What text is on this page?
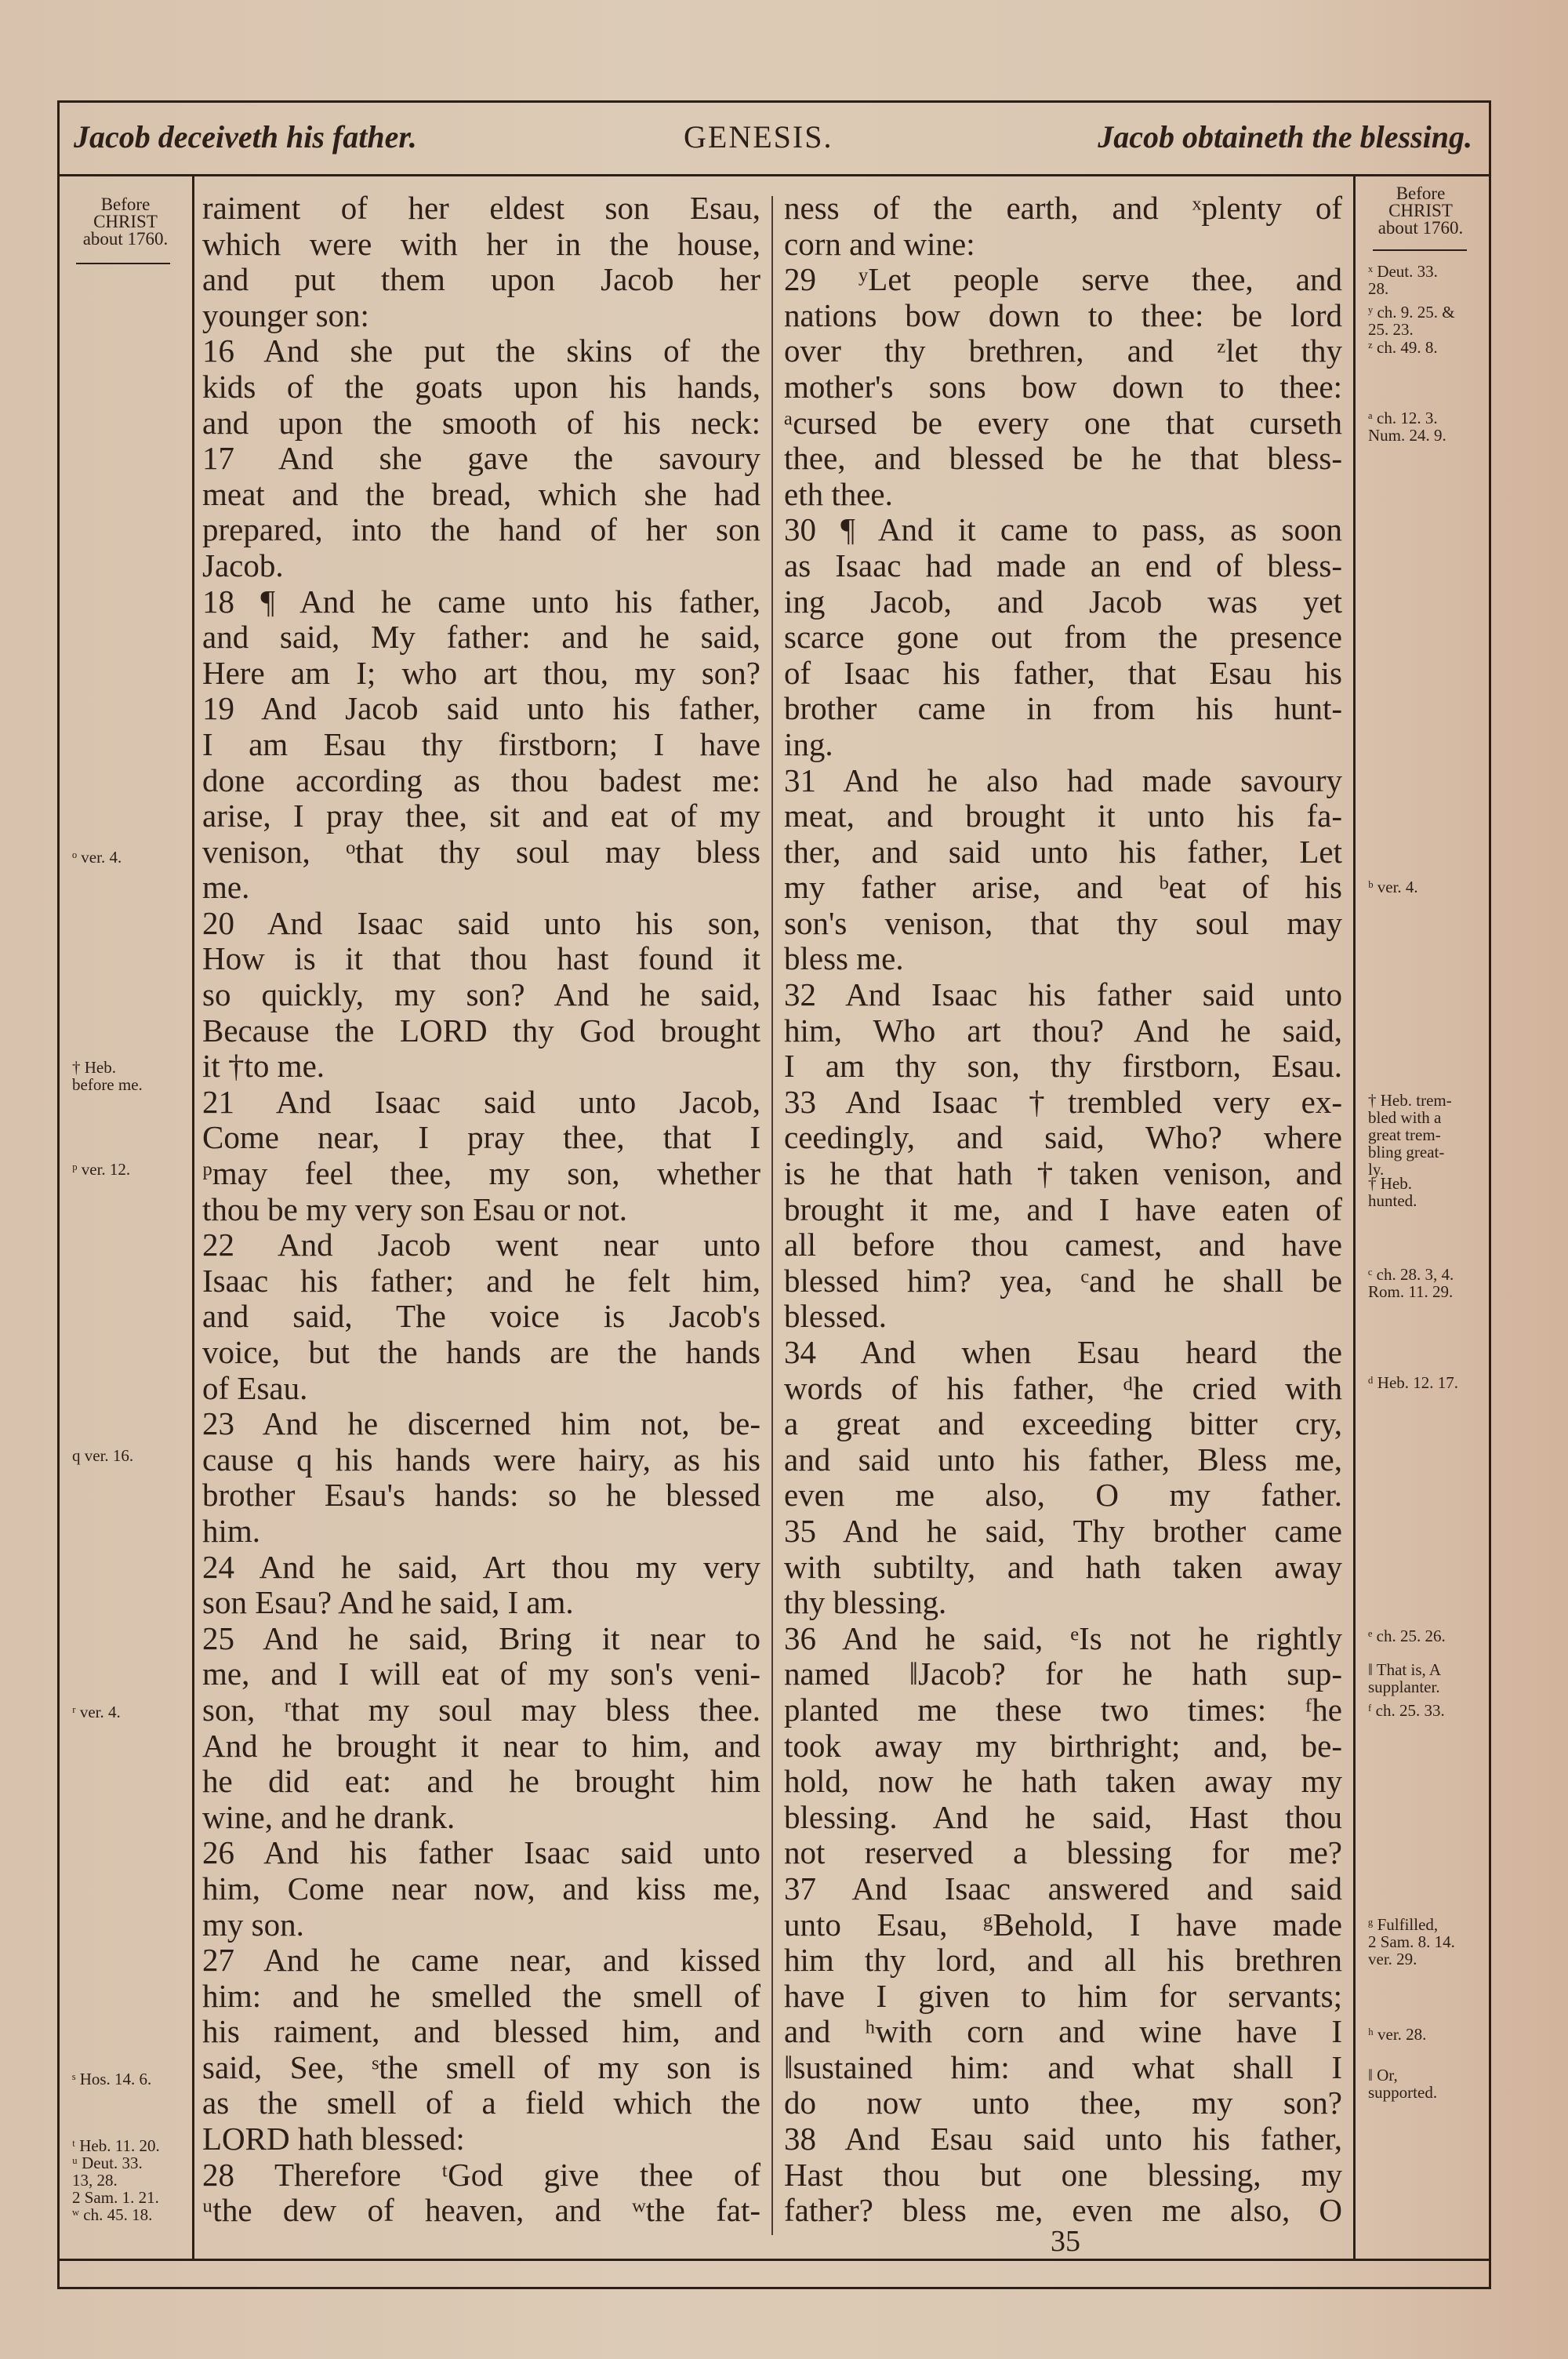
Jacob deceiveth his father.	GENESIS.	Jacob obtaineth the blessing.
Before
CHRIST
about 1760.
Before
CHRIST
about 1760.
raiment of her eldest son Esau,
which were with her in the house,
and put them upon Jacob her
younger son:
16 And she put the skins of the
kids of the goats upon his hands,
and upon the smooth of his neck:
17 And she gave the savoury
meat and the bread, which she had
prepared, into the hand of her son
Jacob.
18 ¶ And he came unto his father,
and said, My father: and he said,
Here am I; who art thou, my son?
19 And Jacob said unto his father,
I am Esau thy firstborn; I have
done according as thou badest me:
arise, I pray thee, sit and eat of my
venison, ᵒthat thy soul may bless
me.
20 And Isaac said unto his son,
How is it that thou hast found it
so quickly, my son? And he said,
Because the LORD thy God brought
it †to me.
21 And Isaac said unto Jacob,
Come near, I pray thee, that I
ᵖmay feel thee, my son, whether
thou be my very son Esau or not.
22 And Jacob went near unto
Isaac his father; and he felt him,
and said, The voice is Jacob's
voice, but the hands are the hands
of Esau.
23 And he discerned him not, be-
cause q his hands were hairy, as his
brother Esau's hands: so he blessed
him.
24 And he said, Art thou my very
son Esau? And he said, I am.
25 And he said, Bring it near to
me, and I will eat of my son's veni-
son, ʳthat my soul may bless thee.
And he brought it near to him, and
he did eat: and he brought him
wine, and he drank.
26 And his father Isaac said unto
him, Come near now, and kiss me,
my son.
27 And he came near, and kissed
him: and he smelled the smell of
his raiment, and blessed him, and
said, See, ˢthe smell of my son is
as the smell of a field which the
LORD hath blessed:
28 Therefore ᵗGod give thee of
ᵘthe dew of heaven, and ʷthe fat-
ness of the earth, and ˣplenty of
corn and wine:
29 ʸLet people serve thee, and
nations bow down to thee: be lord
over thy brethren, and ᶻlet thy
mother's sons bow down to thee:
ᵃcursed be every one that curseth
thee, and blessed be he that bless-
eth thee.
30 ¶ And it came to pass, as soon
as Isaac had made an end of bless-
ing Jacob, and Jacob was yet
scarce gone out from the presence
of Isaac his father, that Esau his
brother came in from his hunt-
ing.
31 And he also had made savoury
meat, and brought it unto his fa-
ther, and said unto his father, Let
my father arise, and ᵇeat of his
son's venison, that thy soul may
bless me.
32 And Isaac his father said unto
him, Who art thou? And he said,
I am thy son, thy firstborn, Esau.
33 And Isaac †trembled very ex-
ceedingly, and said, Who? where
is he that hath †taken venison, and
brought it me, and I have eaten of
all before thou camest, and have
blessed him? yea, ᶜand he shall be
blessed.
34 And when Esau heard the
words of his father, ᵈhe cried with
a great and exceeding bitter cry,
and said unto his father, Bless me,
even me also, O my father.
35 And he said, Thy brother came
with subtilty, and hath taken away
thy blessing.
36 And he said, ᵉIs not he rightly
named ‖Jacob? for he hath sup-
planted me these two times: ᶠhe
took away my birthright; and, be-
hold, now he hath taken away my
blessing. And he said, Hast thou
not reserved a blessing for me?
37 And Isaac answered and said
unto Esau, ᵍBehold, I have made
him thy lord, and all his brethren
have I given to him for servants;
and ʰwith corn and wine have I
‖sustained him: and what shall I
do now unto thee, my son?
38 And Esau said unto his father,
Hast thou but one blessing, my
father? bless me, even me also, O
ᵒ ver. 4.
† Heb.
before me.
ᵖ ver. 12.
q ver. 16.
ʳ ver. 4.
ˢ Hos. 14. 6.
ᵗ Heb. 11. 20.
ᵘ Deut. 33.
13, 28.
2 Sam. 1. 21.
ʷ ch. 45. 18.
ˣ Deut. 33.
28.
ʸ ch. 9. 25. &
25. 23.
ᶻ ch. 49. 8.
ᵃ ch. 12. 3.
Num. 24. 9.
ᵇ ver. 4.
† Heb. trem-
bled with a
great trem-
bling great-
ly.
† Heb.
hunted.
ᶜ ch. 28. 3, 4.
Rom. 11. 29.
ᵈ Heb. 12. 17.
ᵉ ch. 25. 26.
‖ That is, A
supplanter.
ᶠ ch. 25. 33.
ᵍ Fulfilled,
2 Sam. 8. 14.
ver. 29.
ʰ ver. 28.
‖ Or,
supported.
35
